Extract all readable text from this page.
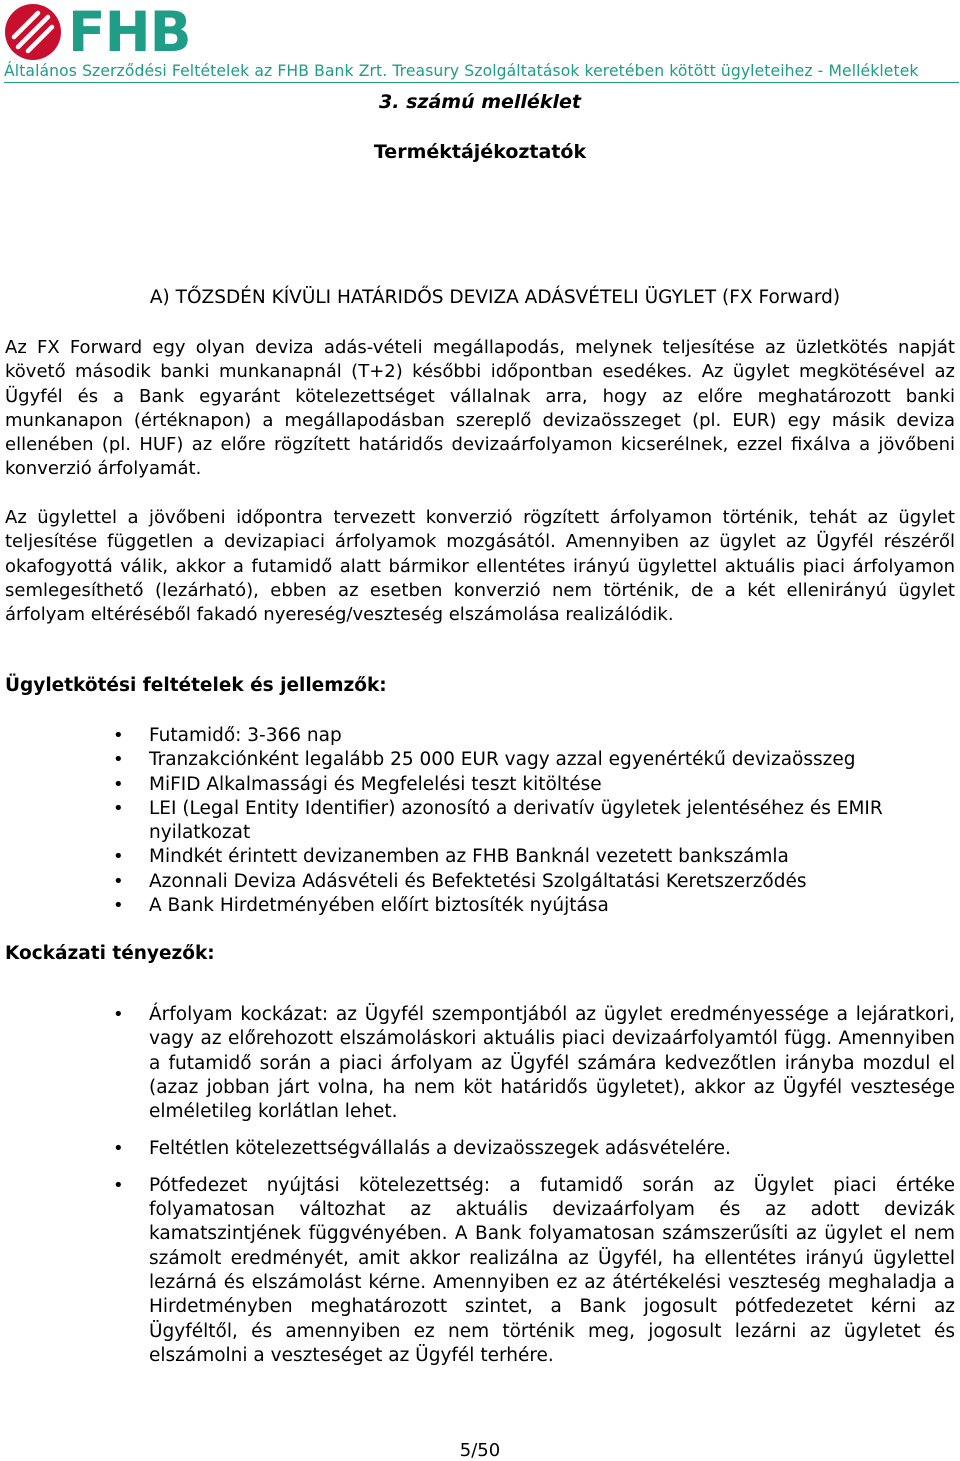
FHB
Általános Szerződési Feltételek az FHB Bank Zrt. Treasury Szolgáltatások keretében kötött ügyleteihez - Mellékletek
3. számú melléklet
Terméktájékoztatók
A) TŐZSDÉN KÍVÜLI HATÁRIDŐS DEVIZA ADÁSVÉTELI ÜGYLET (FX Forward)

Az FX Forward egy olyan deviza adás-vételi megállapodás, melynek teljesítése az üzletkötés napját követő második banki munkanapnál (T+2) későbbi időpontban esedékes. Az ügylet megkötésével az Ügyfél és a Bank egyaránt kötelezettséget vállalnak arra, hogy az előre meghatározott banki munkanapon (értéknapon) a megállapodásban szereplő devizaösszeget (pl. EUR) egy másik deviza ellenében (pl. HUF) az előre rögzített határidős devizaárfolyamon kicserélnek, ezzel fixálva a jövőbeni konverzió árfolyamát.

Az ügylettel a jövőbeni időpontra tervezett konverzió rögzített árfolyamon történik, tehát az ügylet teljesítése független a devizapiaci árfolyamok mozgásától. Amennyiben az ügylet az Ügyfél részéről okafogyottá válik, akkor a futamidő alatt bármikor ellentétes irányú ügylettel aktuális piaci árfolyamon semlegesíthető (lezárható), ebben az esetben konverzió nem történik, de a két ellenirányú ügylet árfolyam eltéréséből fakadó nyereség/veszteség elszámolása realizálódik.

Ügyletkötési feltételek és jellemzők:
• Futamidő: 3-366 nap
• Tranzakciónként legalább 25 000 EUR vagy azzal egyenértékű devizaösszeg
• MiFID Alkalmassági és Megfelelési teszt kitöltése
• LEI (Legal Entity Identifier) azonosító a derivatív ügyletek jelentéséhez és EMIR nyilatkozat
• Mindkét érintett devizanemben az FHB Banknál vezetett bankszámla
• Azonnali Deviza Adásvételi és Befektetési Szolgáltatási Keretszerződés
• A Bank Hirdetményében előírt biztosíték nyújtása
Kockázati tényezők:
• Árfolyam kockázat: az Ügyfél szempontjából az ügylet eredményessége a lejáratkori, vagy az előrehozott elszámoláskori aktuális piaci devizaárfolyamtól függ. Amennyiben a futamidő során a piaci árfolyam az Ügyfél számára kedvezőtlen irányba mozdul el (azaz jobban járt volna, ha nem köt határidős ügyletet), akkor az Ügyfél vesztesége elméletileg korlátlan lehet.
• Feltétlen kötelezettségvállalás a devizaösszegek adásvételére.
• Pótfedezet nyújtási kötelezettség: a futamidő során az Ügylet piaci értéke folyamatosan változhat az aktuális devizaárfolyam és az adott devizák kamatszintjének függvényében. A Bank folyamatosan számszerűsíti az ügylet el nem számolt eredményét, amit akkor realizálna az Ügyfél, ha ellentétes irányú ügylettel lezárná és elszámolást kérne. Amennyiben ez az átértékelési veszteség meghaladja a Hirdetményben meghatározott szintet, a Bank jogosult pótfedezetet kérni az Ügyféltől, és amennyiben ez nem történik meg, jogosult lezárni az ügyletet és elszámolni a veszteséget az Ügyfél terhére.
5/50
